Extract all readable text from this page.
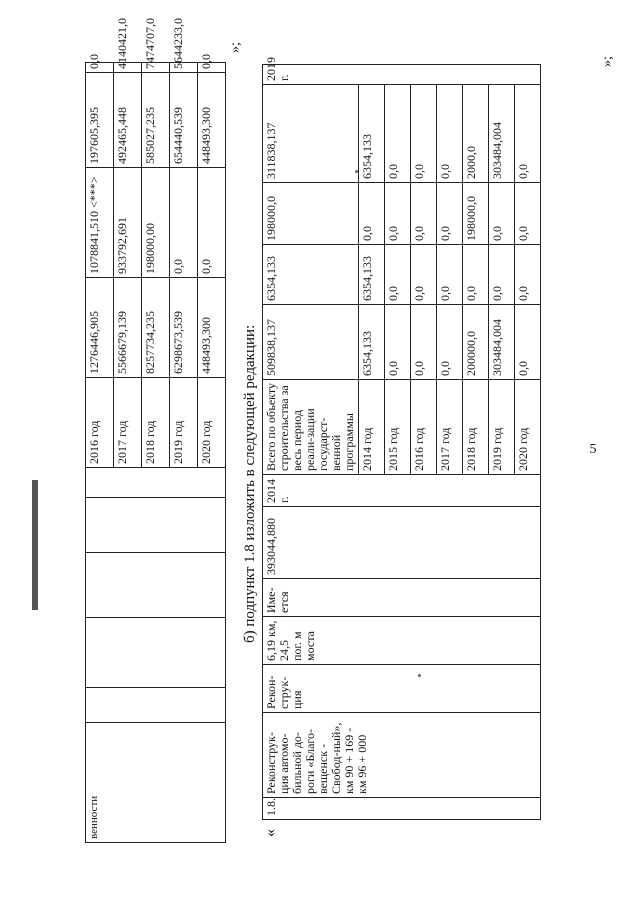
5
венности						2016 год	1276446,905	1078841,510 <***>	197605,395	0,0
						2017 год	5566679,139	933792,691	492465,448	4140421,0
						2018 год	8257734,235	198000,00	585027,235	7474707,0
						2019 год	6298673,539	0,0	654440,539	5644233,0
						2020 год	448493,300	0,0	448493,300	0,0
»;
б) подпункт 1.8 изложить в следующей редакции:
«
1.8.	Реконструк-ция автомо-бильной до-роги «Благо-вещенск - Свобод-ный», км 90 + 169 - км 96 + 000	Рекон-струк-ция	6,19 км, 24,5 пог. м моста	Име-ется	393044,880	2014 г.	Всего по объекту строительства за весь период реали-зации государст-венной программы	509838,137	6354,133	198000,0	311838,137	2019 г.
							2014 год	6354,133	6354,133	0,0	6354,133	
							2015 год	0,0	0,0	0,0	0,0	
							2016 год	0,0	0,0	0,0	0,0	
							2017 год	0,0	0,0	0,0	0,0	
							2018 год	200000,0	0,0	198000,0	2000,0	
							2019 год	303484,004	0,0	0,0	303484,004	
							2020 год	0,0	0,0	0,0	0,0	
»;
